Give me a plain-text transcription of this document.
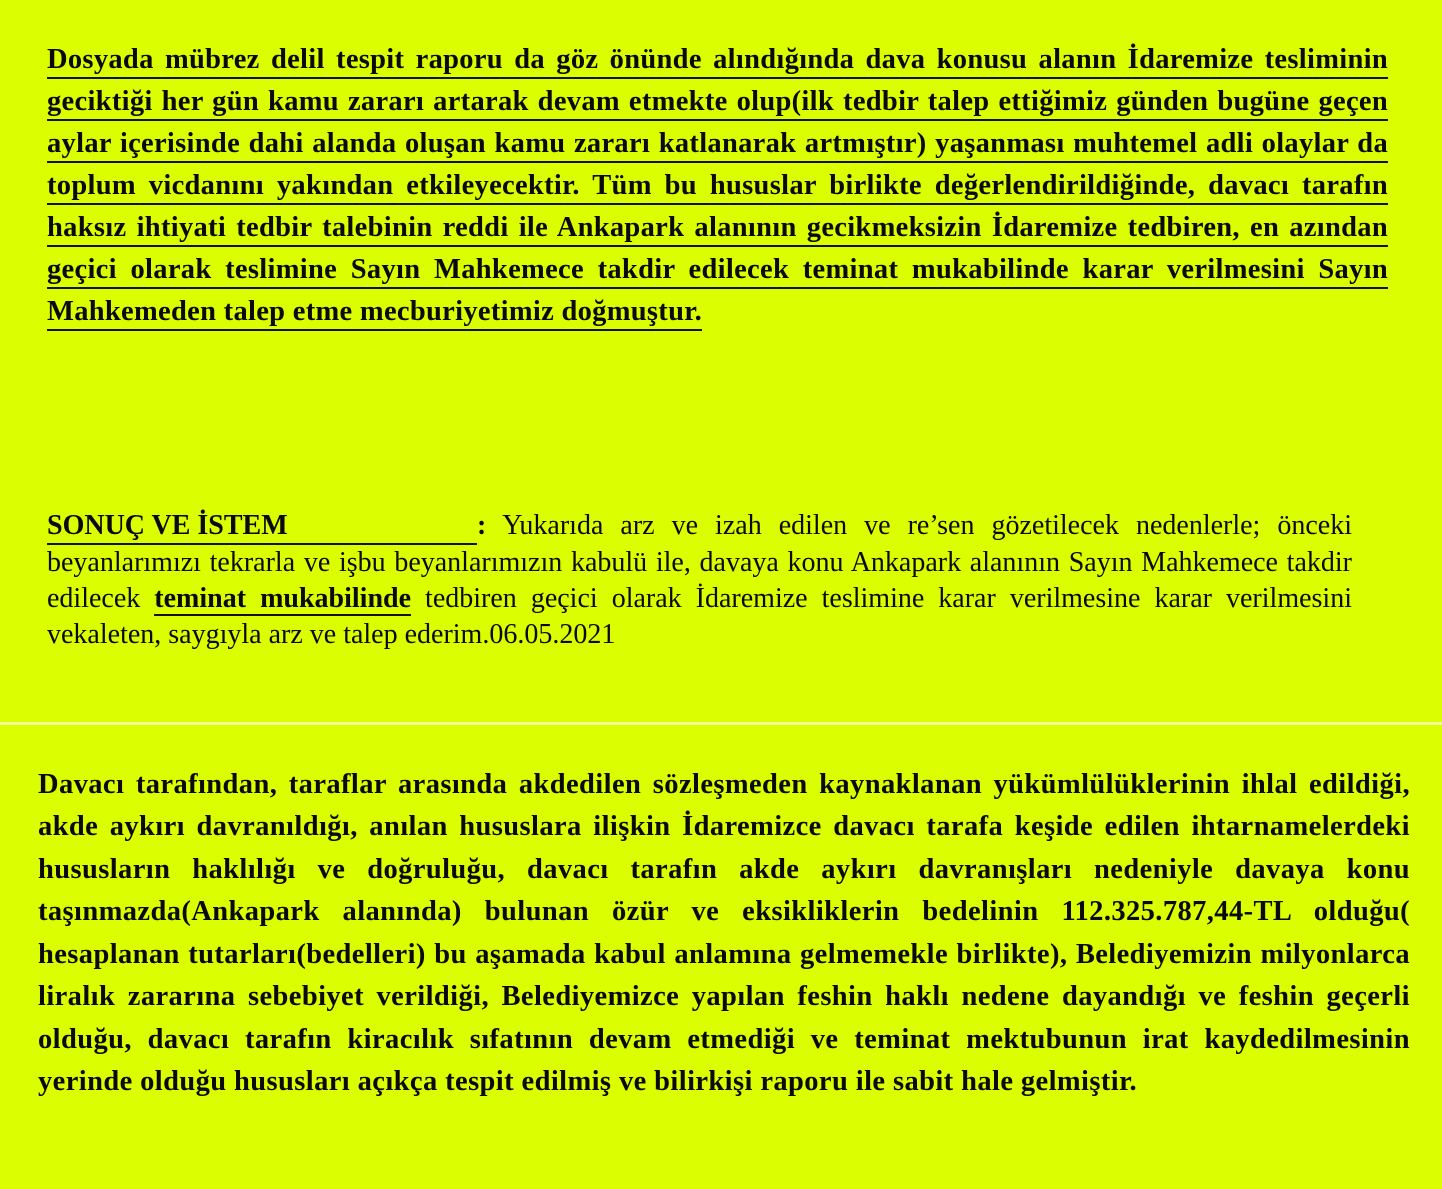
Dosyada mübrez delil tespit raporu da göz önünde alındığında dava konusu alanın İdaremize tesliminin geciktiği her gün kamu zararı artarak devam etmekte olup(ilk tedbir talep ettiğimiz günden bugüne geçen aylar içerisinde dahi alanda oluşan kamu zararı katlanarak artmıştır) yaşanması muhtemel adli olaylar da toplum vicdanını yakından etkileyecektir. Tüm bu hususlar birlikte değerlendirildiğinde, davacı tarafın haksız ihtiyati tedbir talebinin reddi ile Ankapark alanının gecikmeksizin İdaremize tedbiren, en azından geçici olarak teslimine Sayın Mahkemece takdir edilecek teminat mukabilinde karar verilmesini Sayın Mahkemeden talep etme mecburiyetimiz doğmuştur.

SONUÇ VE İSTEM	: Yukarıda arz ve izah edilen ve re’sen gözetilecek nedenlerle; önceki beyanlarımızı tekrarla ve işbu beyanlarımızın kabulü ile, davaya konu Ankapark alanının Sayın Mahkemece takdir edilecek teminat mukabilinde tedbiren geçici olarak İdaremize teslimine karar verilmesine karar verilmesini vekaleten, saygıyla arz ve talep ederim.06.05.2021

Davacı tarafından, taraflar arasında akdedilen sözleşmeden kaynaklanan yükümlülüklerinin ihlal edildiği, akde aykırı davranıldığı, anılan hususlara ilişkin İdaremizce davacı tarafa keşide edilen ihtarnamelerdeki hususların haklılığı ve doğruluğu, davacı tarafın akde aykırı davranışları nedeniyle davaya konu taşınmazda(Ankapark alanında) bulunan özür ve eksikliklerin bedelinin 112.325.787,44-TL olduğu( hesaplanan tutarları(bedelleri) bu aşamada kabul anlamına gelmemekle birlikte), Belediyemizin milyonlarca liralık zararına sebebiyet verildiği, Belediyemizce yapılan feshin haklı nedene dayandığı ve feshin geçerli olduğu, davacı tarafın kiracılık sıfatının devam etmediği ve teminat mektubunun irat kaydedilmesinin yerinde olduğu hususları açıkça tespit edilmiş ve bilirkişi raporu ile sabit hale gelmiştir.
